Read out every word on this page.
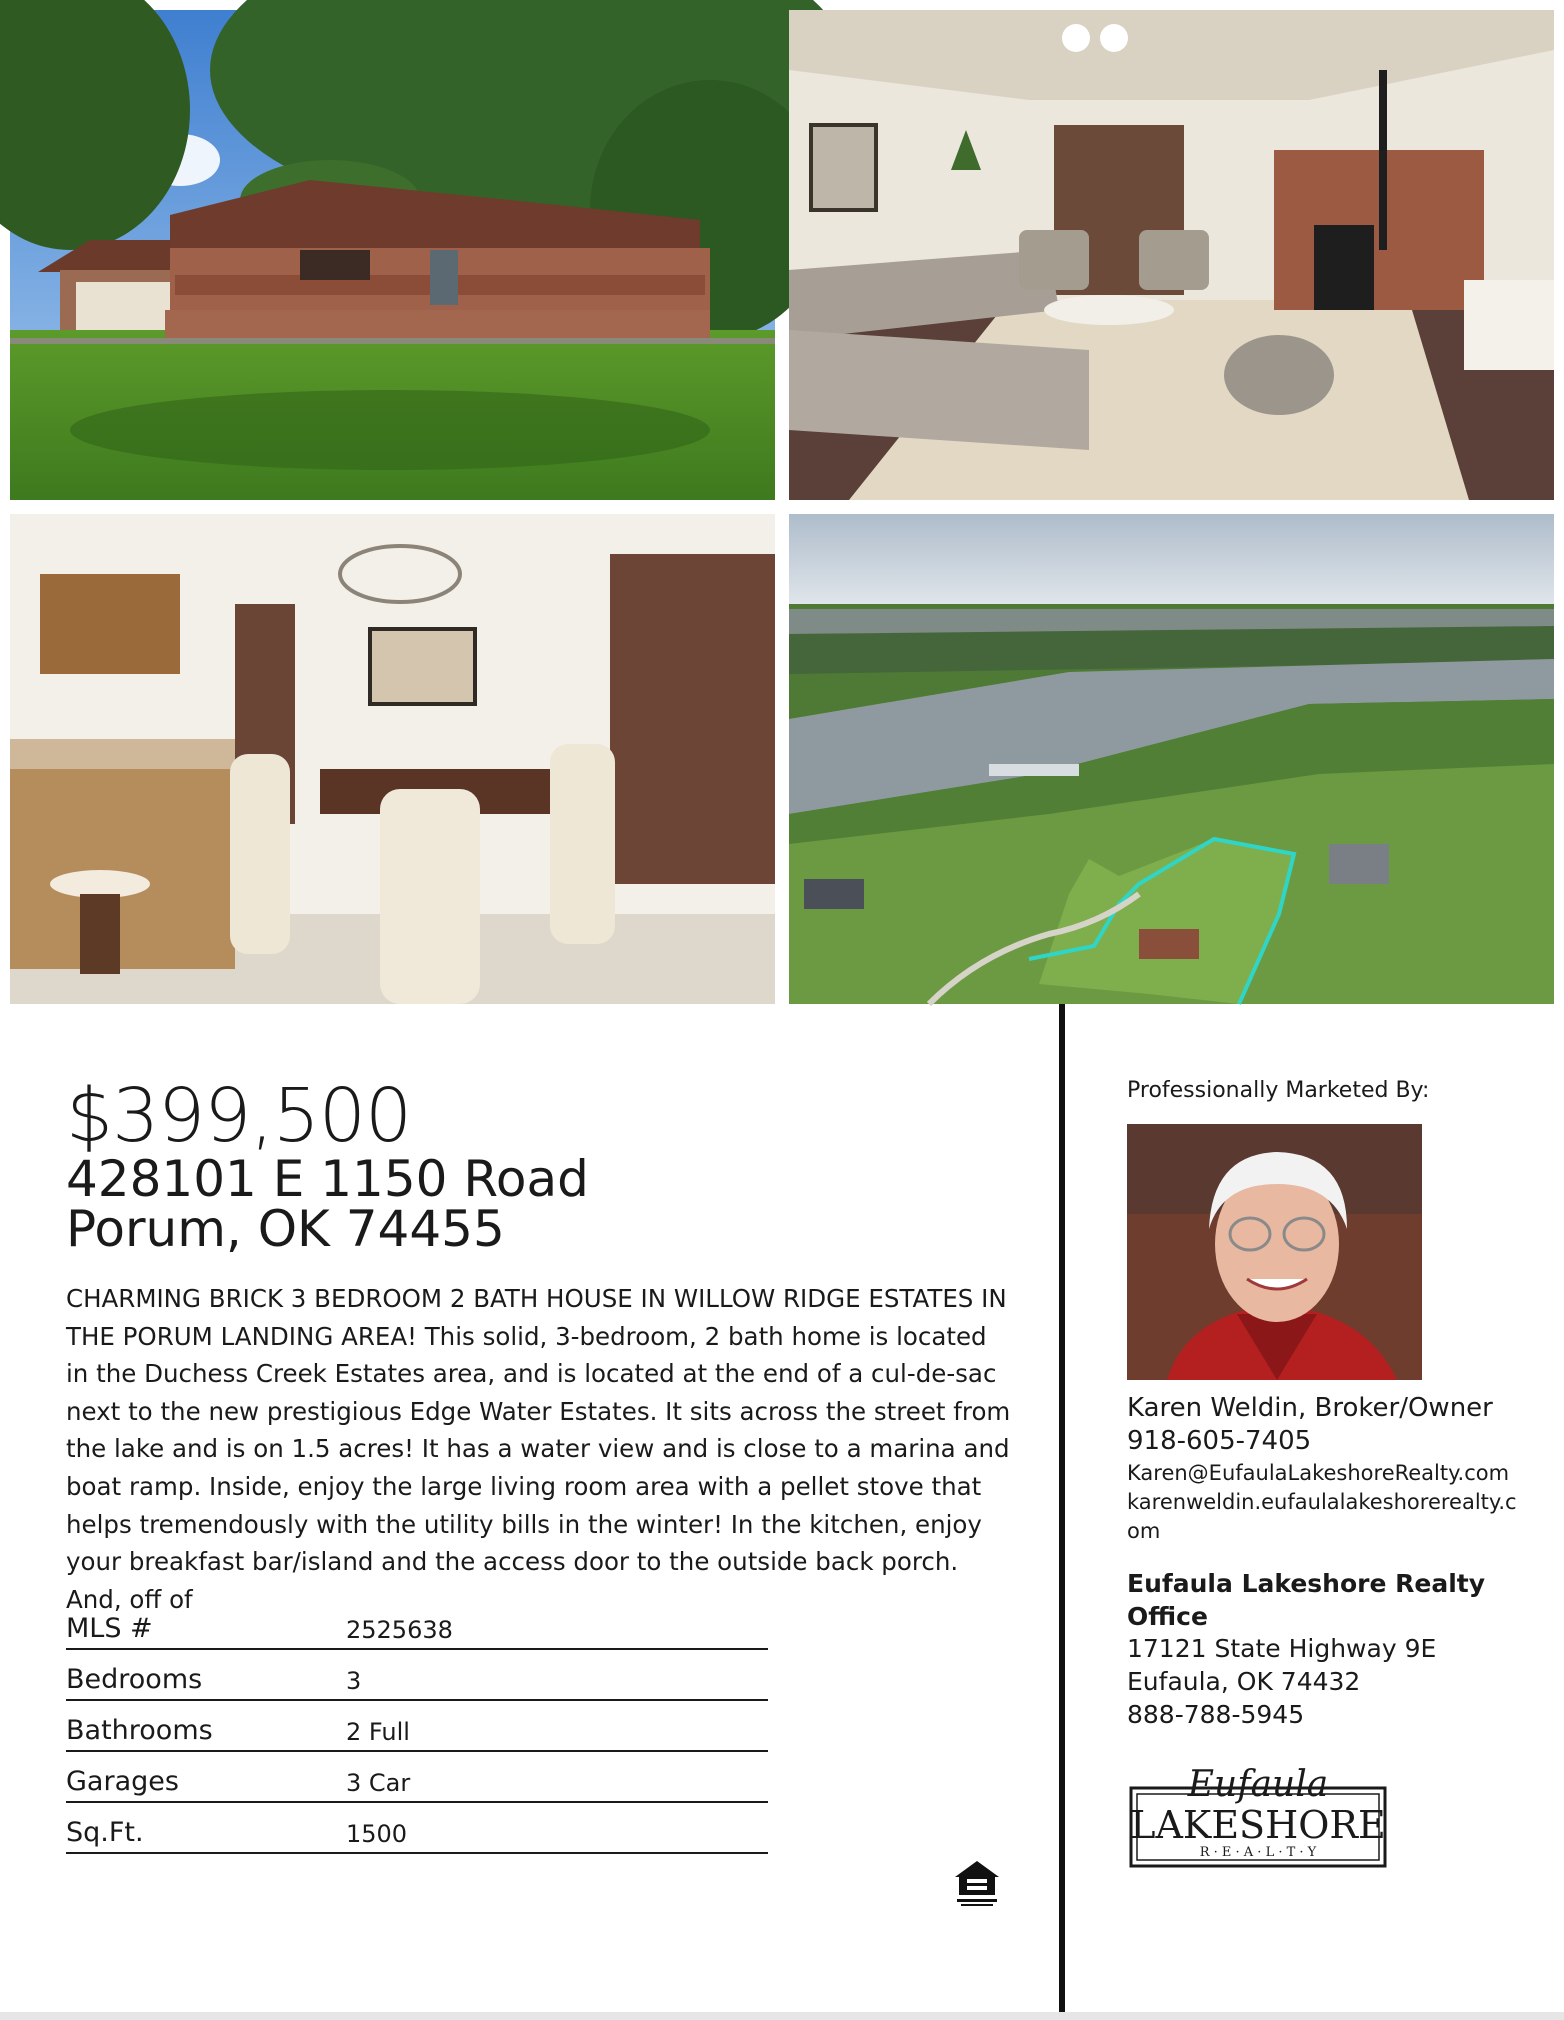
$399,500
428101 E 1150 Road
Porum, OK 74455
CHARMING BRICK 3 BEDROOM 2 BATH HOUSE IN WILLOW RIDGE ESTATES IN THE PORUM LANDING AREA! This solid, 3-bedroom, 2 bath home is located in the Duchess Creek Estates area, and is located at the end of a cul-de-sac next to the new prestigious Edge Water Estates. It sits across the street from the lake and is on 1.5 acres! It has a water view and is close to a marina and boat ramp. Inside, enjoy the large living room area with a pellet stove that helps tremendously with the utility bills in the winter! In the kitchen, enjoy your breakfast bar/island and the access door to the outside back porch. And, off of
MLS #	2525638
Bedrooms	3
Bathrooms	2 Full
Garages	3 Car
Sq.Ft.	1500
Professionally Marketed By:
Karen Weldin, Broker/Owner
918-605-7405
Karen@EufaulaLakeshoreRealty.com
karenweldin.eufaulalakeshorerealty.com
Eufaula Lakeshore Realty Office
17121 State Highway 9E
Eufaula, OK 74432
888-788-5945
Eufaula
LAKESHORE
R · E · A · L · T · Y
